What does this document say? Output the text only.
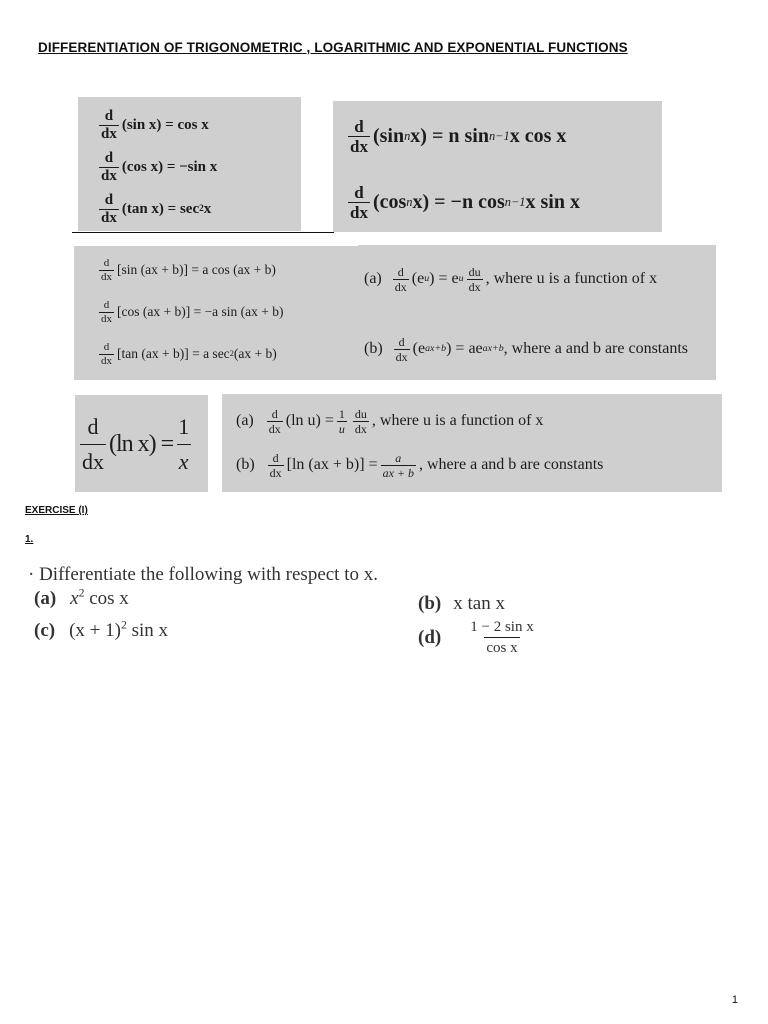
DIFFERENTIATION OF TRIGONOMETRIC , LOGARITHMIC AND EXPONENTIAL FUNCTIONS
$\frac{d}{dx} (\sin$ x) = cos x
$\frac{d}{dx} (\cos$ x) = −sin x
$\frac{d}{dx} (\tan$ x) = sec 2 x
$\frac{d}{dx} (\sin$ n x) = n sin n−1 x cos x
$\frac{d}{dx} (\cos$ n x) = −n cos n−1 x sin x
$\frac{d}{dx} [\sin$ (ax + b)] = a cos (ax + b)
$\frac{d}{dx} [\cos$ (ax + b)] = −a sin (ax + b)
$\frac{d}{dx} [\tan$ (ax + b)] = a sec 2 (ax + b)
$(a) \frac{d}{dx} (e$ u ) = e u $\frac{du}{dx}$ , where u is a function of x
$(b) \frac{d}{dx} (e$ ax+b ) = ae ax+b , where a and b are constants
$\frac{d}{dx} (\ln$ $x) = \frac{1}{x}$	$(a) \frac{d}{dx} (\ln$ $u) = \frac{1}{u} \frac{du}{dx}$ , where u is a function of x
$(b) \frac{d}{dx} [\ln$ $(ax + b)] = \frac{a}{ax + b}$ , where a and b are constants
EXERCISE (I)
1.
· Differentiate the following with respect to x.
(a) $x^2$ cos x
(c) $(x + 1)^2$ sin x
(b) x tan x
$(d) \frac{\text{1 − 2 sin x}}{\text{cos x}}$
1
